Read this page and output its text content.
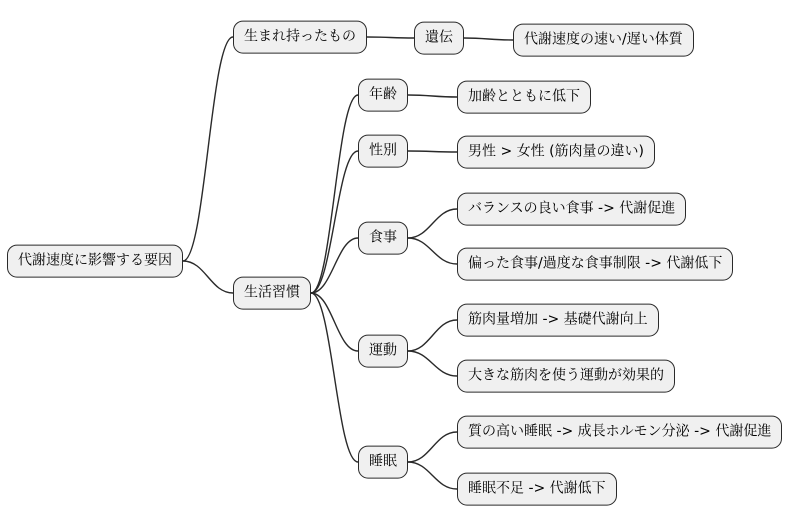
代謝速度に影響する要因
生まれ持ったもの	遺伝	代謝速度の速い/遅い体質
生活習慣
年齢	加齢とともに低下
性別	男性 > 女性 (筋肉量の違い)
食事
バランスの良い食事 -> 代謝促進
偏った食事/過度な食事制限 -> 代謝低下
運動
筋肉量増加 -> 基礎代謝向上
大きな筋肉を使う運動が効果的
睡眠
質の高い睡眠 -> 成長ホルモン分泌 -> 代謝促進
睡眠不足 -> 代謝低下
